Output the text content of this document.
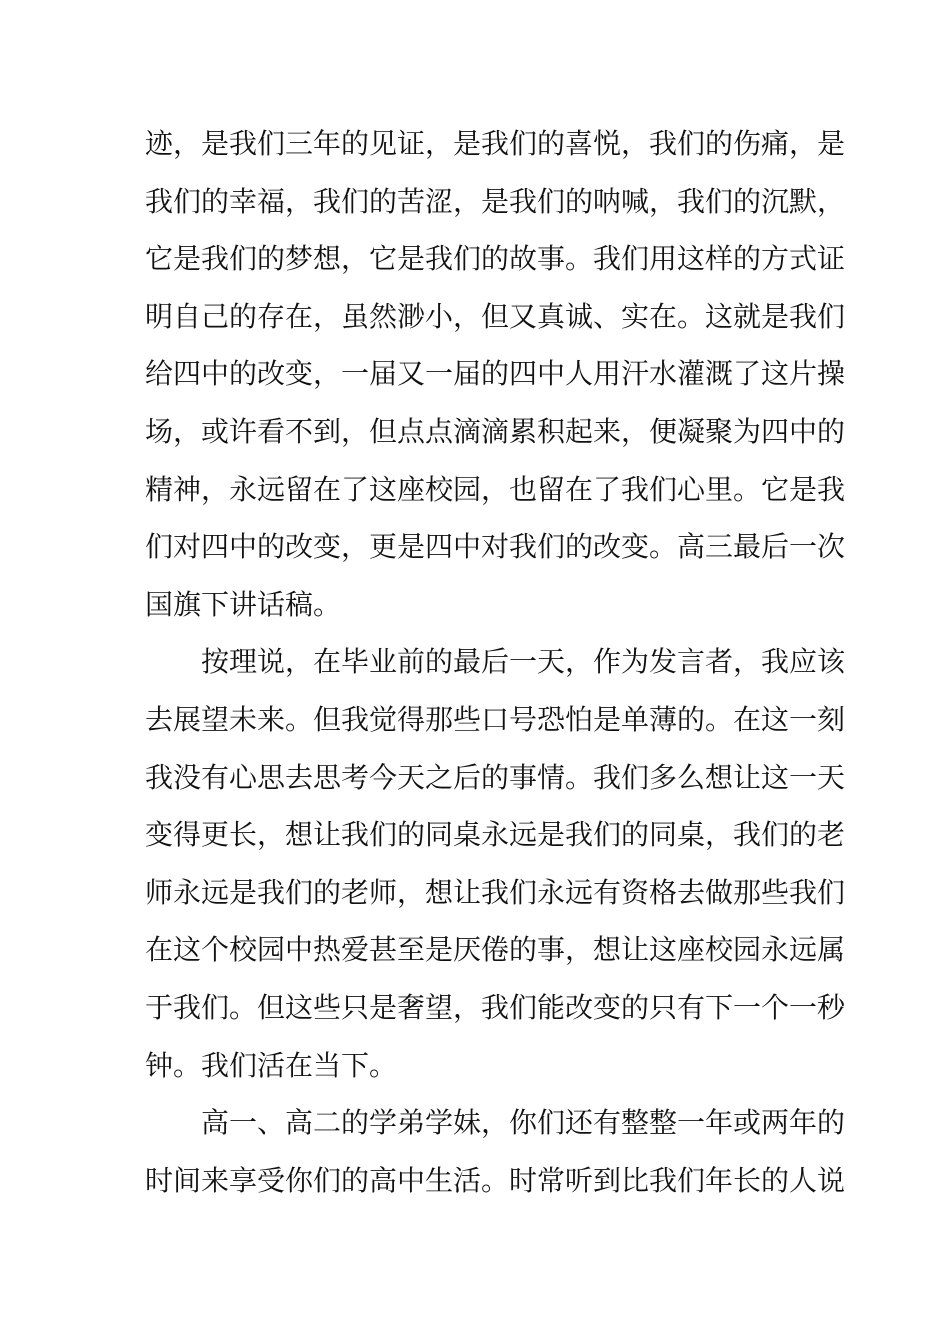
迹，是我们三年的见证，是我们的喜悦，我们的伤痛，是
我们的幸福，我们的苦涩，是我们的呐喊，我们的沉默，
它是我们的梦想，它是我们的故事。我们用这样的方式证
明自己的存在，虽然渺小，但又真诚、实在。这就是我们
给四中的改变，一届又一届的四中人用汗水灌溉了这片操
场，或许看不到，但点点滴滴累积起来，便凝聚为四中的
精神，永远留在了这座校园，也留在了我们心里。它是我
们对四中的改变，更是四中对我们的改变。高三最后一次
国旗下讲话稿。
按理说，在毕业前的最后一天，作为发言者，我应该
去展望未来。但我觉得那些口号恐怕是单薄的。在这一刻
我没有心思去思考今天之后的事情。我们多么想让这一天
变得更长，想让我们的同桌永远是我们的同桌，我们的老
师永远是我们的老师，想让我们永远有资格去做那些我们
在这个校园中热爱甚至是厌倦的事，想让这座校园永远属
于我们。但这些只是奢望，我们能改变的只有下一个一秒
钟。我们活在当下。
高一、高二的学弟学妹，你们还有整整一年或两年的
时间来享受你们的高中生活。时常听到比我们年长的人说
